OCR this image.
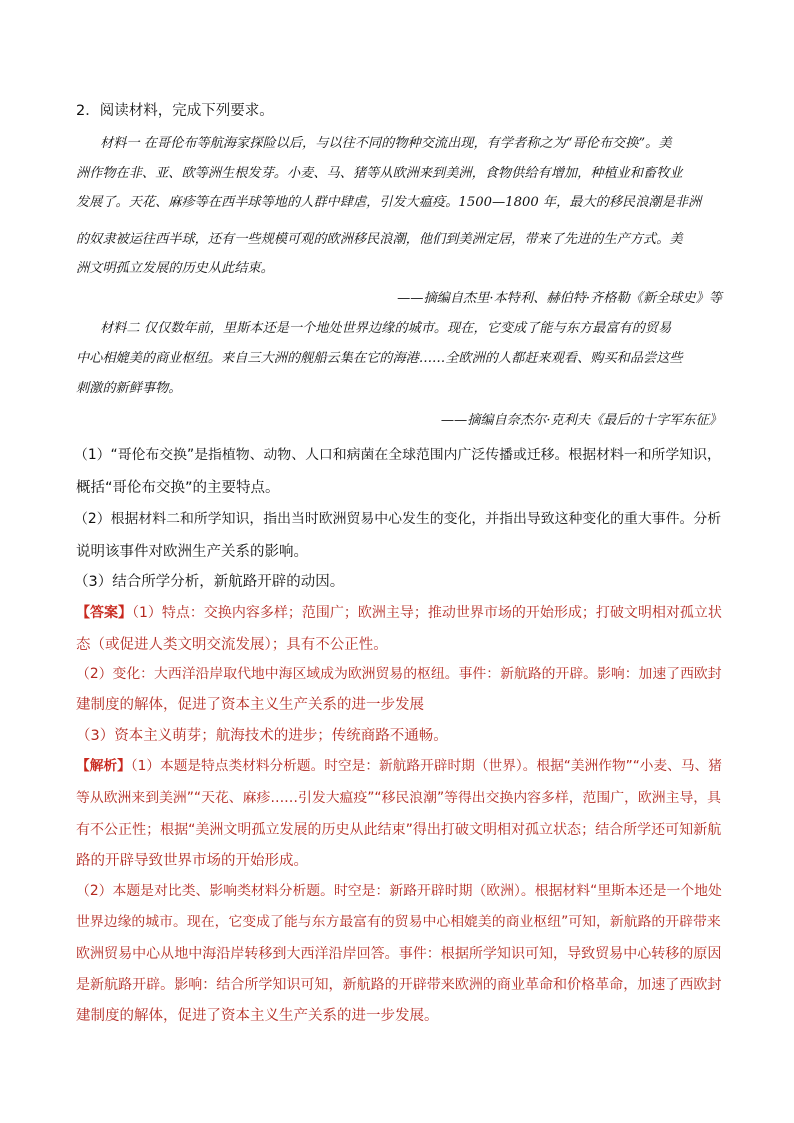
2．阅读材料，完成下列要求。
材料一 在哥伦布等航海家探险以后，与以往不同的物种交流出现，有学者称之为“哥伦布交换”。美
洲作物在非、亚、欧等洲生根发芽。小麦、马、猪等从欧洲来到美洲，食物供给有增加，种植业和畜牧业
发展了。天花、麻疹等在西半球等地的人群中肆虐，引发大瘟疫。1500—1800 年，最大的移民浪潮是非洲
的奴隶被运往西半球，还有一些规模可观的欧洲移民浪潮，他们到美洲定居，带来了先进的生产方式。美
洲文明孤立发展的历史从此结束。
——摘编自杰里·本特利、赫伯特·齐格勒《新全球史》等
材料二 仅仅数年前，里斯本还是一个地处世界边缘的城市。现在，它变成了能与东方最富有的贸易
中心相媲美的商业枢纽。来自三大洲的舰船云集在它的海港……全欧洲的人都赶来观看、购买和品尝这些
刺激的新鲜事物。
——摘编自奈杰尔·克利夫《最后的十字军东征》
（1）“哥伦布交换”是指植物、动物、人口和病菌在全球范围内广泛传播或迁移。根据材料一和所学知识，
概括“哥伦布交换”的主要特点。
（2）根据材料二和所学知识，指出当时欧洲贸易中心发生的变化，并指出导致这种变化的重大事件。分析
说明该事件对欧洲生产关系的影响。
（3）结合所学分析，新航路开辟的动因。
【答案】（1）特点：交换内容多样；范围广；欧洲主导；推动世界市场的开始形成；打破文明相对孤立状
态（或促进人类文明交流发展）；具有不公正性。
（2）变化：大西洋沿岸取代地中海区域成为欧洲贸易的枢纽。事件：新航路的开辟。影响：加速了西欧封
建制度的解体，促进了资本主义生产关系的进一步发展
（3）资本主义萌芽；航海技术的进步；传统商路不通畅。
【解析】（1）本题是特点类材料分析题。时空是：新航路开辟时期（世界）。根据“美洲作物”“小麦、马、猪
等从欧洲来到美洲”“天花、麻疹……引发大瘟疫”“移民浪潮”等得出交换内容多样，范围广，欧洲主导，具
有不公正性；根据“美洲文明孤立发展的历史从此结束”得出打破文明相对孤立状态；结合所学还可知新航
路的开辟导致世界市场的开始形成。
（2）本题是对比类、影响类材料分析题。时空是：新路开辟时期（欧洲）。根据材料“里斯本还是一个地处
世界边缘的城市。现在，它变成了能与东方最富有的贸易中心相媲美的商业枢纽”可知，新航路的开辟带来
欧洲贸易中心从地中海沿岸转移到大西洋沿岸回答。事件：根据所学知识可知，导致贸易中心转移的原因
是新航路开辟。影响：结合所学知识可知，新航路的开辟带来欧洲的商业革命和价格革命，加速了西欧封
建制度的解体，促进了资本主义生产关系的进一步发展。
